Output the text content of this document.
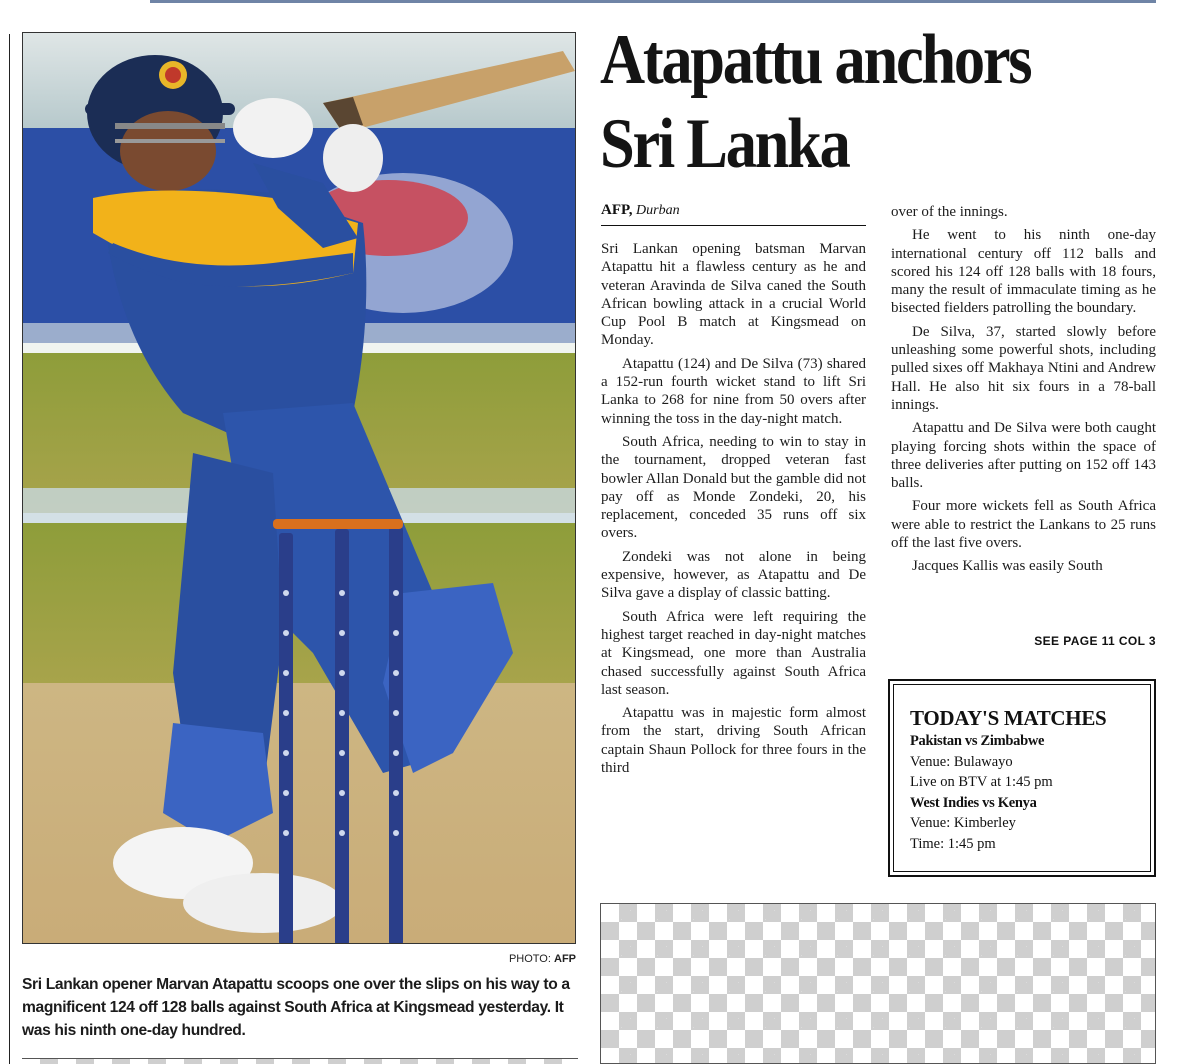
PHOTO: AFP
Sri Lankan opener Marvan Atapattu scoops one over the slips on his way to a magnificent 124 off 128 balls against South Africa at Kingsmead yesterday. It was his ninth one-day hundred.
Atapattu anchors
Sri Lanka
AFP, Durban

Sri Lankan opening batsman Marvan Atapattu hit a flawless century as he and veteran Aravinda de Silva caned the South African bowling attack in a crucial World Cup Pool B match at Kingsmead on Monday.

Atapattu (124) and De Silva (73) shared a 152-run fourth wicket stand to lift Sri Lanka to 268 for nine from 50 overs after winning the toss in the day-night match.

South Africa, needing to win to stay in the tournament, dropped veteran fast bowler Allan Donald but the gamble did not pay off as Monde Zondeki, 20, his replacement, conceded 35 runs off six overs.

Zondeki was not alone in being expensive, however, as Atapattu and De Silva gave a display of classic batting.

South Africa were left requiring the highest target reached in day-night matches at Kingsmead, one more than Australia chased successfully against South Africa last season.

Atapattu was in majestic form almost from the start, driving South African captain Shaun Pollock for three fours in the third

over of the innings.

He went to his ninth one-day international century off 112 balls and scored his 124 off 128 balls with 18 fours, many the result of immaculate timing as he bisected fielders patrolling the boundary.

De Silva, 37, started slowly before unleashing some powerful shots, including pulled sixes off Makhaya Ntini and Andrew Hall. He also hit six fours in a 78-ball innings.

Atapattu and De Silva were both caught playing forcing shots within the space of three deliveries after putting on 152 off 143 balls.

Four more wickets fell as South Africa were able to restrict the Lankans to 25 runs off the last five overs.

Jacques Kallis was easily South

SEE PAGE 11 COL 3
TODAY'S MATCHES
Pakistan vs Zimbabwe
Venue: Bulawayo
Live on BTV at 1:45 pm
West Indies vs Kenya
Venue: Kimberley
Time: 1:45 pm
